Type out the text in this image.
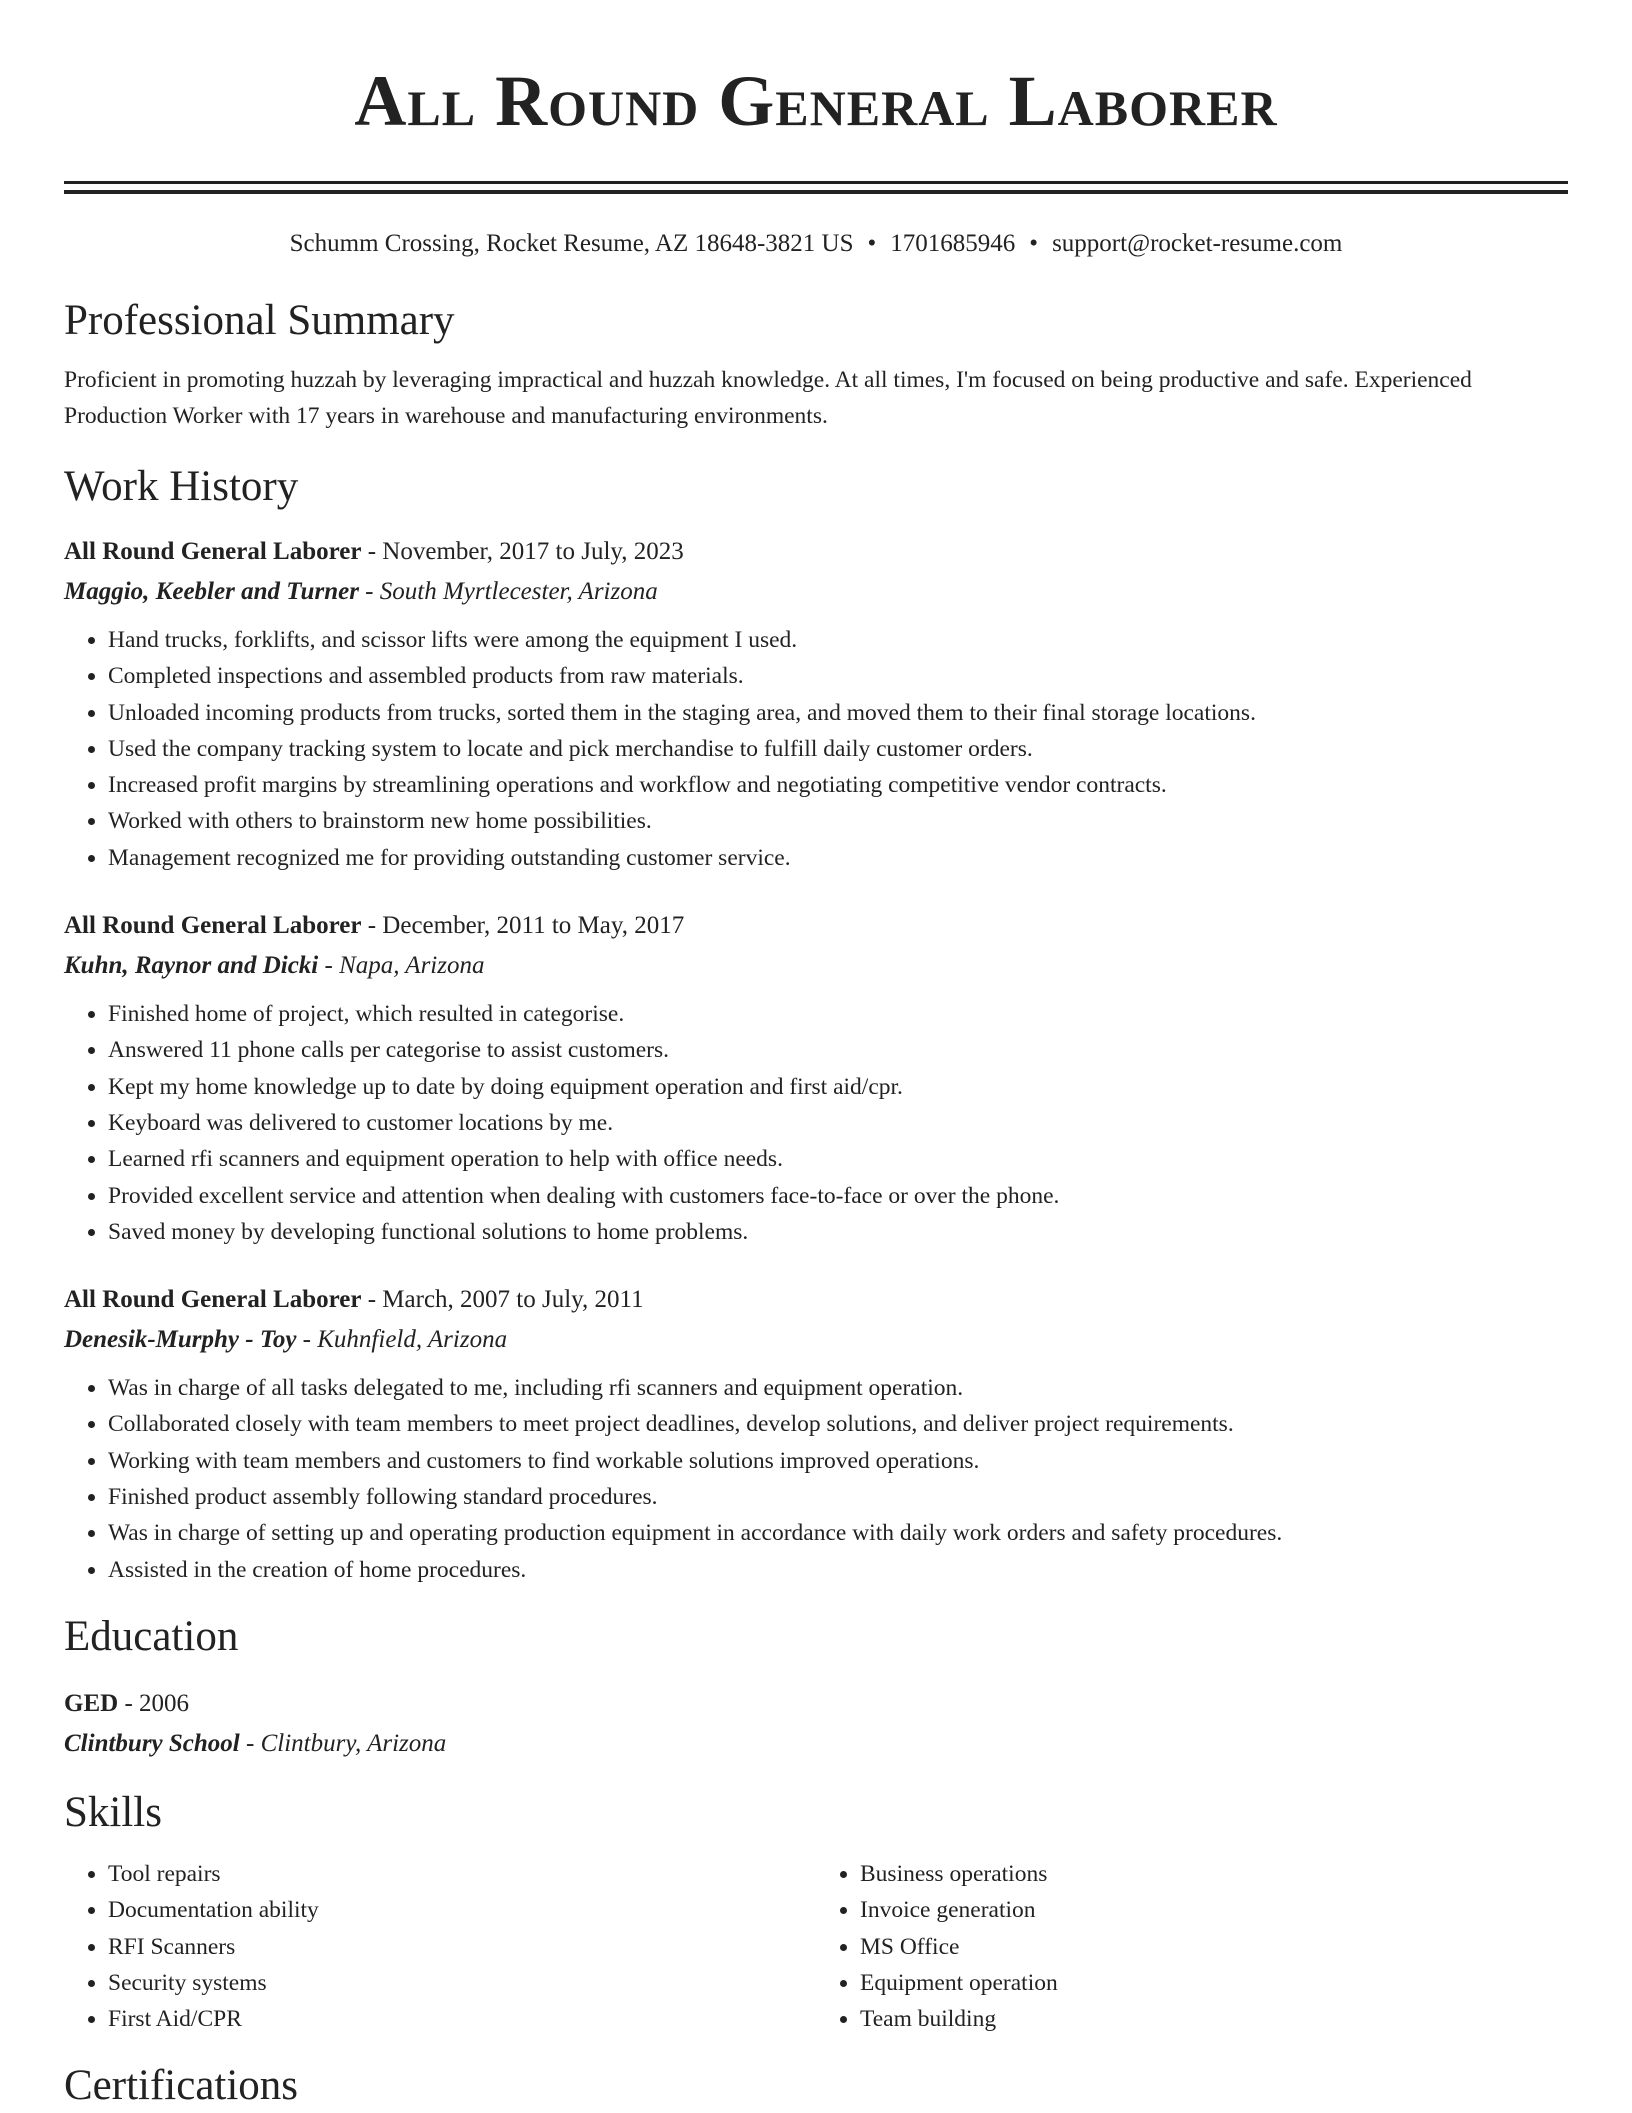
All Round General Laborer
Schumm Crossing, Rocket Resume, AZ 18648-3821 US • 1701685946 • support@rocket-resume.com
Professional Summary
Proficient in promoting huzzah by leveraging impractical and huzzah knowledge. At all times, I'm focused on being productive and safe. Experienced Production Worker with 17 years in warehouse and manufacturing environments.
Work History
All Round General Laborer - November, 2017 to July, 2023
Maggio, Keebler and Turner - South Myrtlecester, Arizona
• Hand trucks, forklifts, and scissor lifts were among the equipment I used.
• Completed inspections and assembled products from raw materials.
• Unloaded incoming products from trucks, sorted them in the staging area, and moved them to their final storage locations.
• Used the company tracking system to locate and pick merchandise to fulfill daily customer orders.
• Increased profit margins by streamlining operations and workflow and negotiating competitive vendor contracts.
• Worked with others to brainstorm new home possibilities.
• Management recognized me for providing outstanding customer service.
All Round General Laborer - December, 2011 to May, 2017
Kuhn, Raynor and Dicki - Napa, Arizona
• Finished home of project, which resulted in categorise.
• Answered 11 phone calls per categorise to assist customers.
• Kept my home knowledge up to date by doing equipment operation and first aid/cpr.
• Keyboard was delivered to customer locations by me.
• Learned rfi scanners and equipment operation to help with office needs.
• Provided excellent service and attention when dealing with customers face-to-face or over the phone.
• Saved money by developing functional solutions to home problems.
All Round General Laborer - March, 2007 to July, 2011
Denesik-Murphy - Toy - Kuhnfield, Arizona
• Was in charge of all tasks delegated to me, including rfi scanners and equipment operation.
• Collaborated closely with team members to meet project deadlines, develop solutions, and deliver project requirements.
• Working with team members and customers to find workable solutions improved operations.
• Finished product assembly following standard procedures.
• Was in charge of setting up and operating production equipment in accordance with daily work orders and safety procedures.
• Assisted in the creation of home procedures.
Education
GED - 2006
Clintbury School - Clintbury, Arizona
Skills
• Tool repairs
• Documentation ability
• RFI Scanners
• Security systems
• First Aid/CPR
• Business operations
• Invoice generation
• MS Office
• Equipment operation
• Team building
Certifications
